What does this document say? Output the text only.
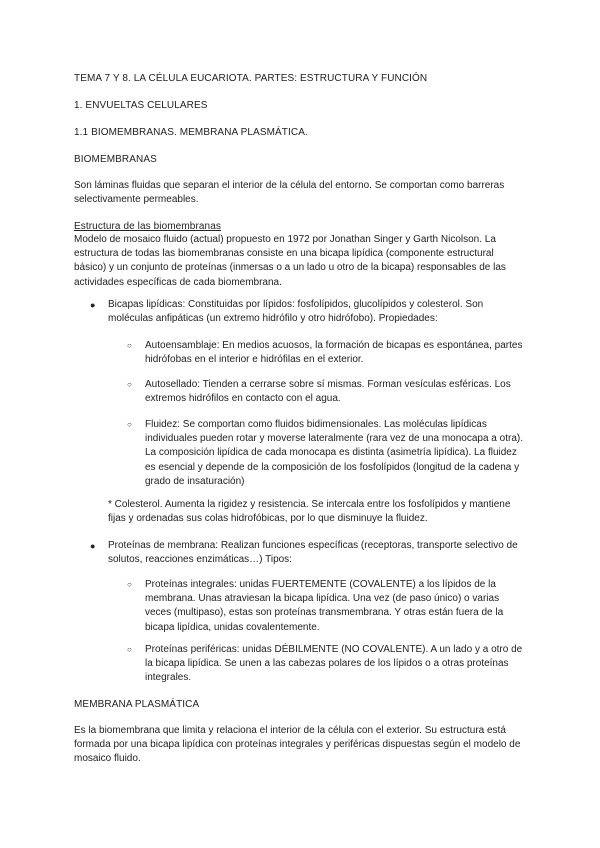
TEMA 7 Y 8. LA CÉLULA EUCARIOTA. PARTES: ESTRUCTURA Y FUNCIÓN

1. ENVUELTAS CELULARES

1.1 BIOMEMBRANAS. MEMBRANA PLASMÁTICA.

BIOMEMBRANAS

Son láminas fluidas que separan el interior de la célula del entorno. Se comportan como barreras selectivamente permeables.

Estructura de las biomembranas

Modelo de mosaico fluido (actual) propuesto en 1972 por Jonathan Singer y Garth Nicolson. La estructura de todas las biomembranas consiste en una bicapa lipídica (componente estructural básico) y un conjunto de proteínas (inmersas o a un lado u otro de la bicapa) responsables de las actividades específicas de cada biomembrana.

● Bicapas lipídicas: Constituidas por lípidos: fosfolípidos, glucolípidos y colesterol. Son moléculas anfipáticas (un extremo hidrófilo y otro hidrófobo). Propiedades:

○ Autoensamblaje: En medios acuosos, la formación de bicapas es espontánea, partes hidrófobas en el interior e hidrófilas en el exterior.

○ Autosellado: Tienden a cerrarse sobre sí mismas. Forman vesículas esféricas. Los extremos hidrófilos en contacto con el agua.

○ Fluidez: Se comportan como fluidos bidimensionales. Las moléculas lipídicas individuales pueden rotar y moverse lateralmente (rara vez de una monocapa a otra). La composición lipídica de cada monocapa es distinta (asimetría lipídica). La fluidez es esencial y depende de la composición de los fosfolípidos (longitud de la cadena y grado de insaturación)

* Colesterol. Aumenta la rigidez y resistencia. Se intercala entre los fosfolípidos y mantiene fijas y ordenadas sus colas hidrofóbicas, por lo que disminuye la fluidez.

● Proteínas de membrana: Realizan funciones específicas (receptoras, transporte selectivo de solutos, reacciones enzimáticas…) Tipos:

○ Proteínas integrales: unidas FUERTEMENTE (COVALENTE) a los lípidos de la membrana. Unas atraviesan la bicapa lipídica. Una vez (de paso único) o varias veces (multipaso), estas son proteínas transmembrana. Y otras están fuera de la bicapa lipídica, unidas covalentemente.

○ Proteínas periféricas: unidas DÉBILMENTE (NO COVALENTE). A un lado y a otro de la bicapa lipídica. Se unen a las cabezas polares de los lípidos o a otras proteínas integrales.

MEMBRANA PLASMÁTICA

Es la biomembrana que limita y relaciona el interior de la célula con el exterior. Su estructura está formada por una bicapa lipídica con proteínas integrales y periféricas dispuestas según el modelo de mosaico fluido.
